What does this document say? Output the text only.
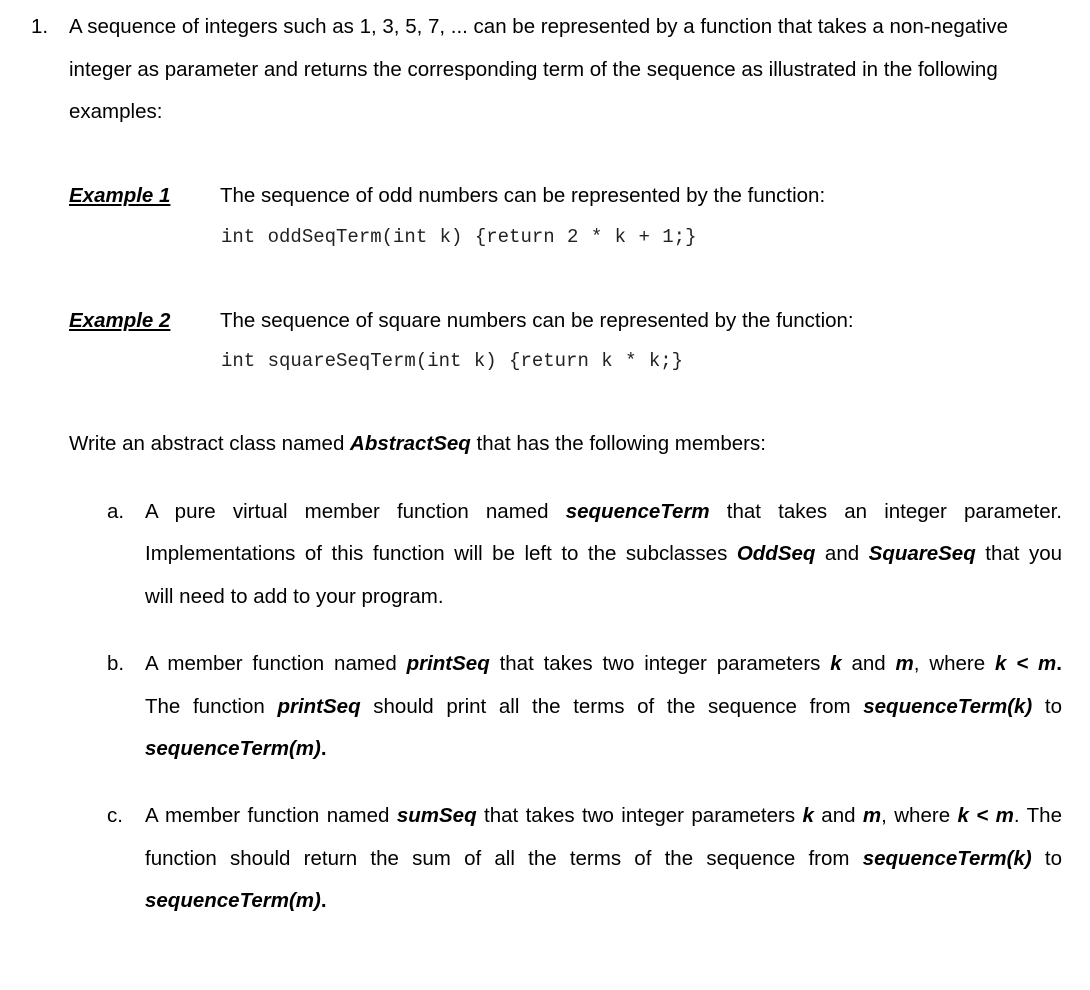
1. A sequence of integers such as 1, 3, 5, 7, ... can be represented by a function that takes a non-negative
integer as parameter and returns the corresponding term of the sequence as illustrated in the following
examples:
Example 1 The sequence of odd numbers can be represented by the function:
int oddSeqTerm(int k) {return 2 * k + 1;}
Example 2 The sequence of square numbers can be represented by the function:
int squareSeqTerm(int k) {return k * k;}
Write an abstract class named AbstractSeq that has the following members:
a. A pure virtual member function named sequenceTerm that takes an integer parameter.
Implementations of this function will be left to the subclasses OddSeq and SquareSeq that you
will need to add to your program.
b. A member function named printSeq that takes two integer parameters k and m, where k < m.
The function printSeq should print all the terms of the sequence from sequenceTerm(k) to
sequenceTerm(m).
c. A member function named sumSeq that takes two integer parameters k and m, where k < m. The
function should return the sum of all the terms of the sequence from sequenceTerm(k) to
sequenceTerm(m).
